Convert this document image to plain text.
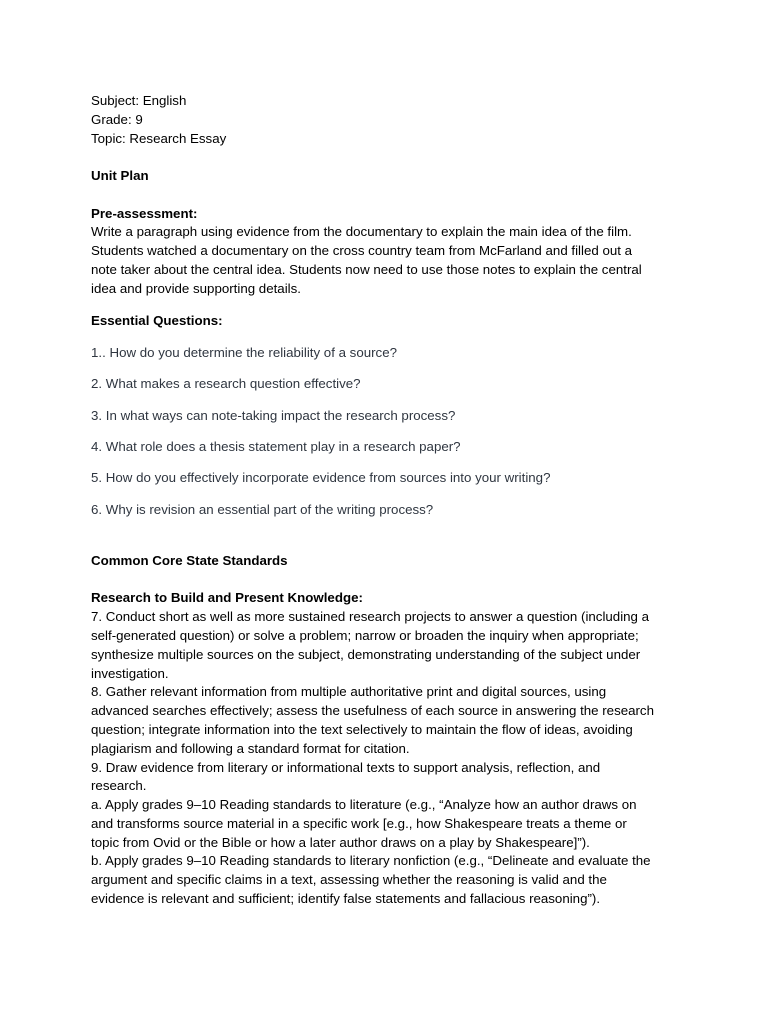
Subject: English
Grade: 9
Topic: Research Essay
Unit Plan
Pre-assessment:
Write a paragraph using evidence from the documentary to explain the main idea of the film.
Students watched a documentary on the cross country team from McFarland and filled out a
note taker about the central idea. Students now need to use those notes to explain the central
idea and provide supporting details.
Essential Questions:
1.. How do you determine the reliability of a source?
2. What makes a research question effective?
3. In what ways can note-taking impact the research process?
4. What role does a thesis statement play in a research paper?
5. How do you effectively incorporate evidence from sources into your writing?
6. Why is revision an essential part of the writing process?
Common Core State Standards
Research to Build and Present Knowledge:
7. Conduct short as well as more sustained research projects to answer a question (including a
self-generated question) or solve a problem; narrow or broaden the inquiry when appropriate;
synthesize multiple sources on the subject, demonstrating understanding of the subject under
investigation.
8. Gather relevant information from multiple authoritative print and digital sources, using
advanced searches effectively; assess the usefulness of each source in answering the research
question; integrate information into the text selectively to maintain the flow of ideas, avoiding
plagiarism and following a standard format for citation.
9. Draw evidence from literary or informational texts to support analysis, reflection, and
research.
a. Apply grades 9–10 Reading standards to literature (e.g., “Analyze how an author draws on
and transforms source material in a specific work [e.g., how Shakespeare treats a theme or
topic from Ovid or the Bible or how a later author draws on a play by Shakespeare]”).
b. Apply grades 9–10 Reading standards to literary nonfiction (e.g., “Delineate and evaluate the
argument and specific claims in a text, assessing whether the reasoning is valid and the
evidence is relevant and sufficient; identify false statements and fallacious reasoning”).
